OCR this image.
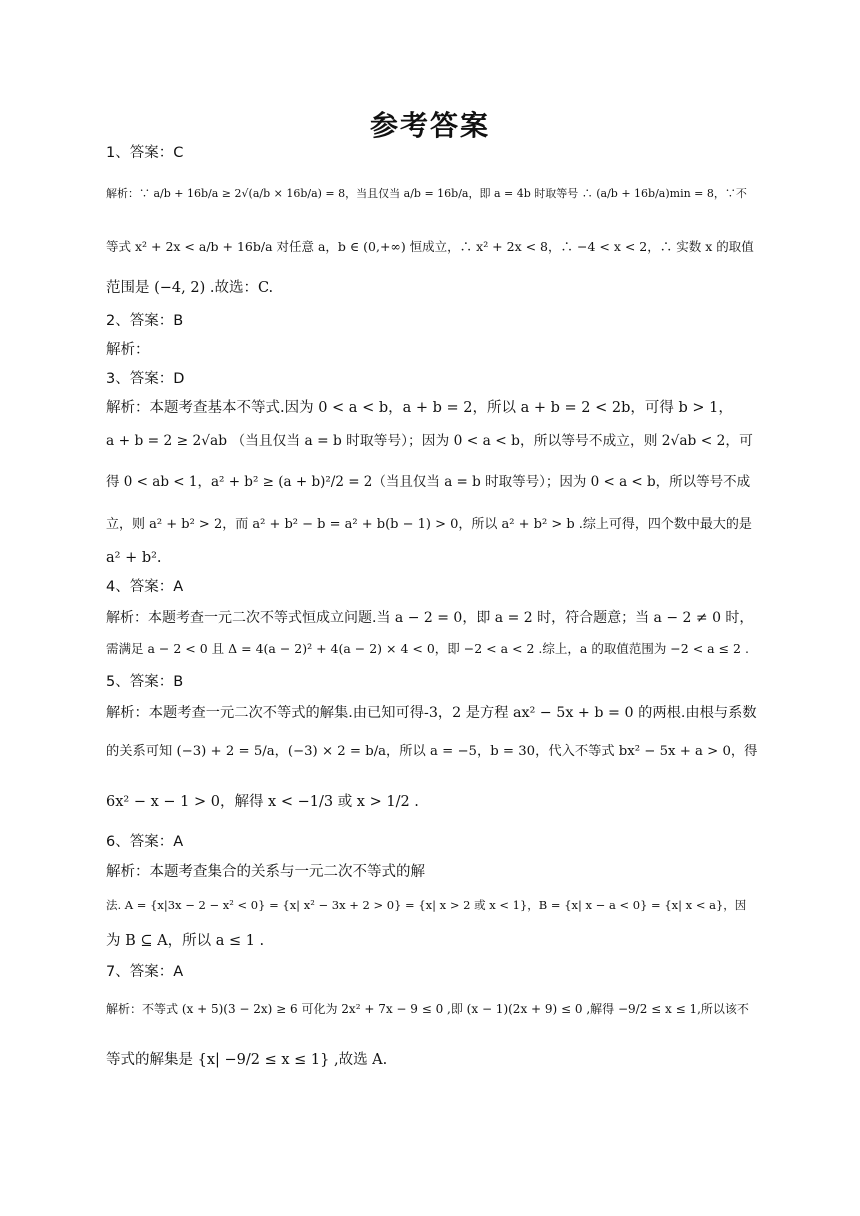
参考答案
1、答案：C
解析：∵ a/b + 16b/a ≥ 2√(a/b × 16b/a) = 8，当且仅当 a/b = 16b/a，即 a = 4b 时取等号 ∴ (a/b + 16b/a)min = 8，∵不
等式 x² + 2x < a/b + 16b/a 对任意 a，b ∈ (0,+∞) 恒成立，∴ x² + 2x < 8，∴ −4 < x < 2，∴ 实数 x 的取值
范围是 (−4, 2) .故选：C.
2、答案：B
解析：
3、答案：D
解析：本题考查基本不等式.因为 0 < a < b，a + b = 2，所以 a + b = 2 < 2b，可得 b > 1，
a + b = 2 ≥ 2√ab （当且仅当 a = b 时取等号）；因为 0 < a < b，所以等号不成立，则 2√ab < 2，可
得 0 < ab < 1，a² + b² ≥ (a + b)²/2 = 2（当且仅当 a = b 时取等号）；因为 0 < a < b，所以等号不成
立，则 a² + b² > 2，而 a² + b² − b = a² + b(b − 1) > 0，所以 a² + b² > b .综上可得，四个数中最大的是
a² + b².
4、答案：A
解析：本题考查一元二次不等式恒成立问题.当 a − 2 = 0，即 a = 2 时，符合题意；当 a − 2 ≠ 0 时，
需满足 a − 2 < 0 且 Δ = 4(a − 2)² + 4(a − 2) × 4 < 0，即 −2 < a < 2 .综上，a 的取值范围为 −2 < a ≤ 2 .
5、答案：B
解析：本题考查一元二次不等式的解集.由已知可得-3，2 是方程 ax² − 5x + b = 0 的两根.由根与系数
的关系可知 (−3) + 2 = 5/a，(−3) × 2 = b/a，所以 a = −5，b = 30，代入不等式 bx² − 5x + a > 0，得
6x² − x − 1 > 0，解得 x < −1/3 或 x > 1/2 .
6、答案：A
解析：本题考查集合的关系与一元二次不等式的解
法. A = {x|3x − 2 − x² < 0} = {x| x² − 3x + 2 > 0} = {x| x > 2 或 x < 1}，B = {x| x − a < 0} = {x| x < a}，因
为 B ⊆ A，所以 a ≤ 1 .
7、答案：A
解析：不等式 (x + 5)(3 − 2x) ≥ 6 可化为 2x² + 7x − 9 ≤ 0 ,即 (x − 1)(2x + 9) ≤ 0 ,解得 −9/2 ≤ x ≤ 1,所以该不
等式的解集是 {x| −9/2 ≤ x ≤ 1} ,故选 A.
